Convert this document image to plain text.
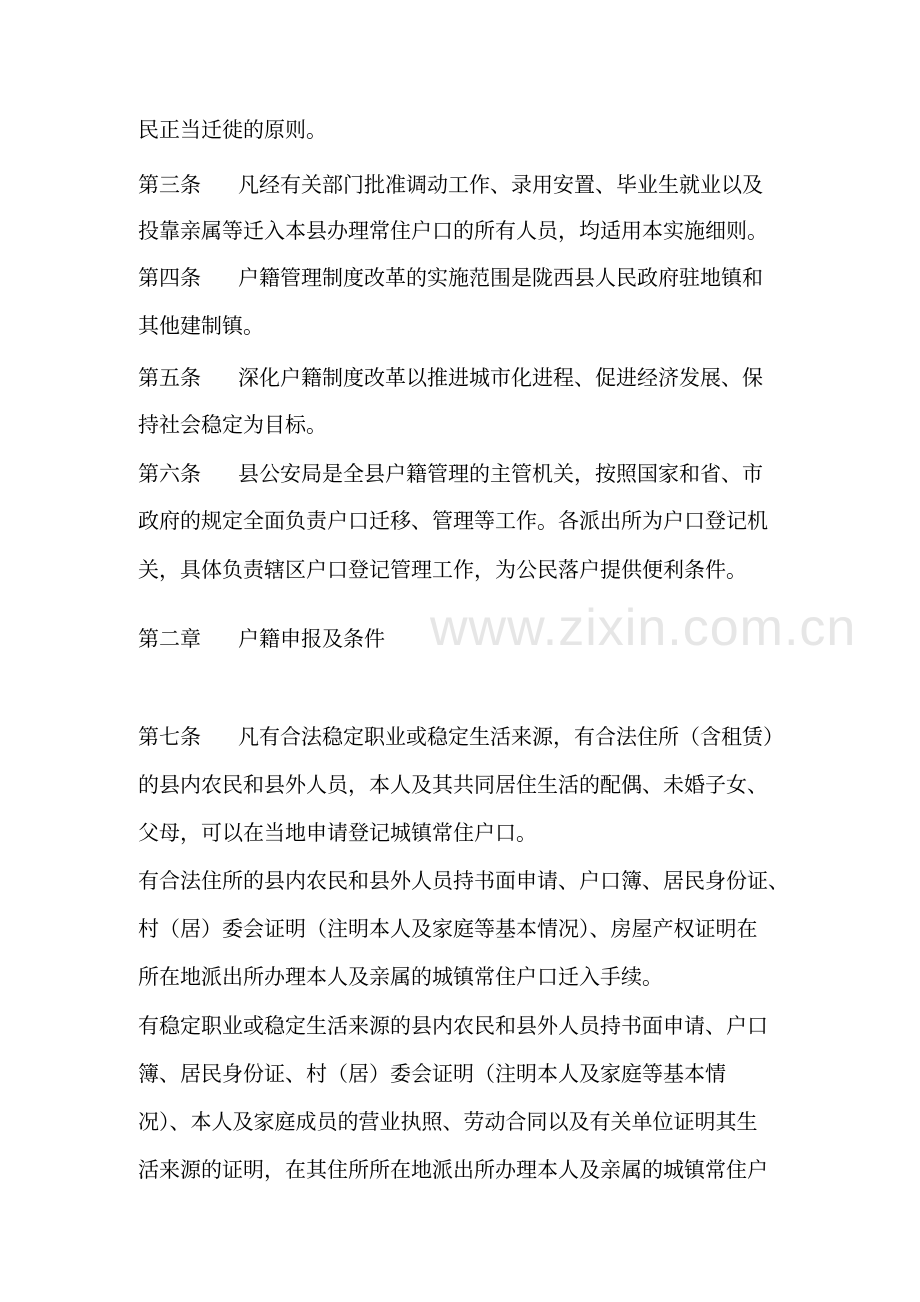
www.zixin.com.cn
民正当迁徙的原则。
第三条 凡经有关部门批准调动工作、录用安置、毕业生就业以及
投靠亲属等迁入本县办理常住户口的所有人员，均适用本实施细则。
第四条 户籍管理制度改革的实施范围是陇西县人民政府驻地镇和
其他建制镇。
第五条 深化户籍制度改革以推进城市化进程、促进经济发展、保
持社会稳定为目标。
第六条 县公安局是全县户籍管理的主管机关，按照国家和省、市
政府的规定全面负责户口迁移、管理等工作。各派出所为户口登记机
关，具体负责辖区户口登记管理工作，为公民落户提供便利条件。
第二章 户籍申报及条件
第七条 凡有合法稳定职业或稳定生活来源，有合法住所（含租赁）
的县内农民和县外人员，本人及其共同居住生活的配偶、未婚子女、
父母，可以在当地申请登记城镇常住户口。
有合法住所的县内农民和县外人员持书面申请、户口簿、居民身份证、
村（居）委会证明（注明本人及家庭等基本情况）、房屋产权证明在
所在地派出所办理本人及亲属的城镇常住户口迁入手续。
有稳定职业或稳定生活来源的县内农民和县外人员持书面申请、户口
簿、居民身份证、村（居）委会证明（注明本人及家庭等基本情
况）、本人及家庭成员的营业执照、劳动合同以及有关单位证明其生
活来源的证明，在其住所所在地派出所办理本人及亲属的城镇常住户
